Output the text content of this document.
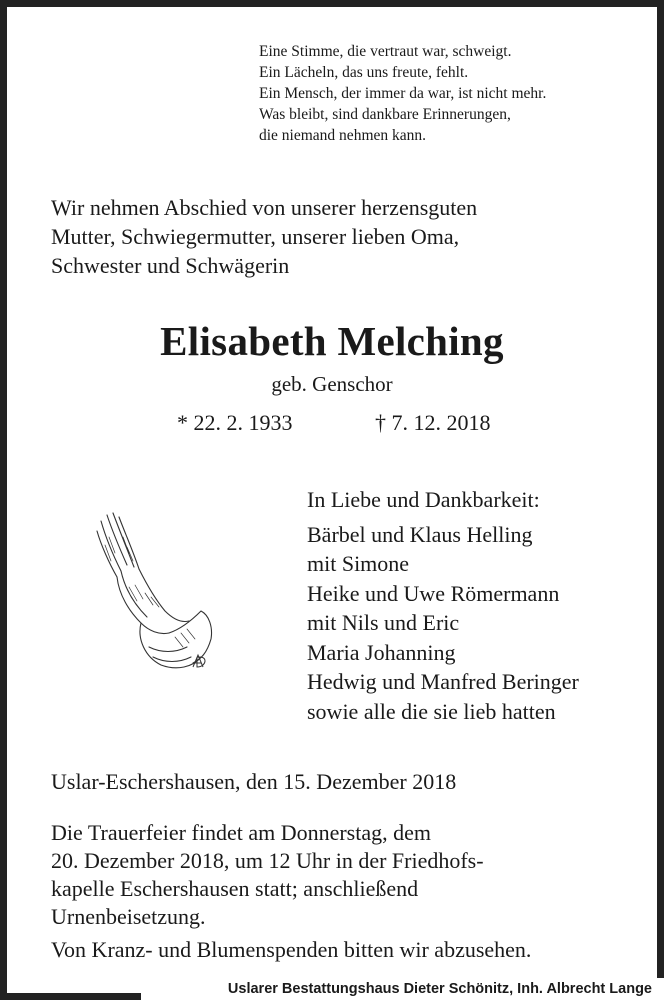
Eine Stimme, die vertraut war, schweigt.
Ein Lächeln, das uns freute, fehlt.
Ein Mensch, der immer da war, ist nicht mehr.
Was bleibt, sind dankbare Erinnerungen,
die niemand nehmen kann.
Wir nehmen Abschied von unserer herzensguten
Mutter, Schwiegermutter, unserer lieben Oma,
Schwester und Schwägerin
Elisabeth Melching
geb. Genschor
* 22. 2. 1933	† 7. 12. 2018
In Liebe und Dankbarkeit:
Bärbel und Klaus Helling
mit Simone
Heike und Uwe Römermann
mit Nils und Eric
Maria Johanning
Hedwig und Manfred Beringer
sowie alle die sie lieb hatten
Uslar-Eschershausen, den 15. Dezember 2018
Die Trauerfeier findet am Donnerstag, dem
20. Dezember 2018, um 12 Uhr in der Friedhofs-
kapelle Eschershausen statt; anschließend
Urnenbeisetzung.
Von Kranz- und Blumenspenden bitten wir abzusehen.
Uslarer Bestattungshaus Dieter Schönitz, Inh. Albrecht Lange
